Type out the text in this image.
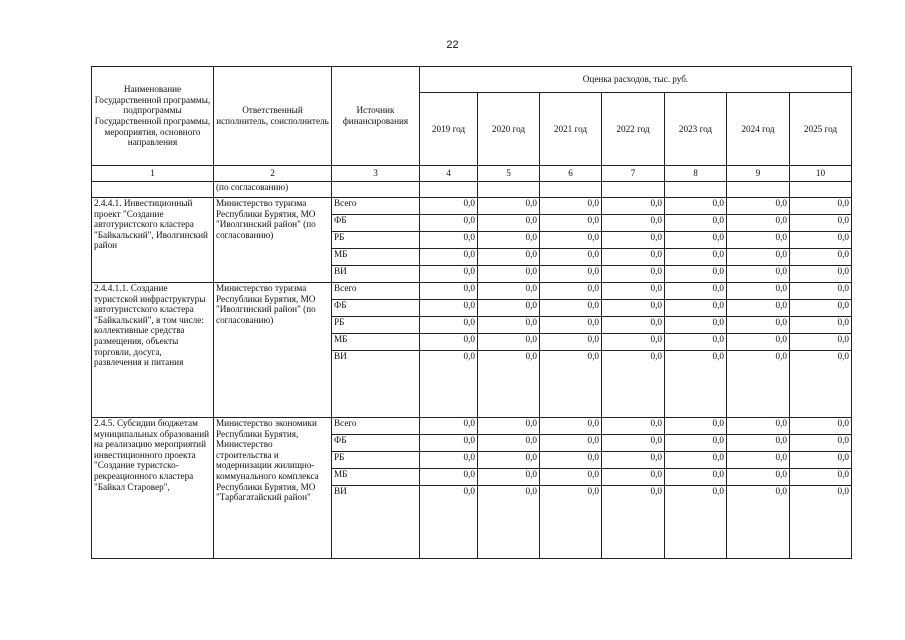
22
Наименование Государственной программы, подпрограммы Государственной программы, мероприятия, основного направления	Ответственный исполнитель, соисполнитель	Источник финансирования	Оценка расходов, тыс. руб.						
			2019 год	2020 год	2021 год	2022 год	2023 год	2024 год	2025 год
1	2	3	4	5	6	7	8	9	10
	(по согласованию)								
2.4.4.1. Инвестиционный проект "Создание автотуристского кластера "Байкальский", Иволгинский район	Министерство туризма Республики Бурятия, МО "Иволгинский район" (по согласованию)	Всего	0,0	0,0	0,0	0,0	0,0	0,0	0,0
		ФБ	0,0	0,0	0,0	0,0	0,0	0,0	0,0
		РБ	0,0	0,0	0,0	0,0	0,0	0,0	0,0
		МБ	0,0	0,0	0,0	0,0	0,0	0,0	0,0
		ВИ	0,0	0,0	0,0	0,0	0,0	0,0	0,0
2.4.4.1.1. Создание туристской инфраструктуры автотуристского кластера "Байкальский", в том числе: коллективные средства размещения, объекты торговли, досуга, развлечения и питания	Министерство туризма Республики Бурятия, МО "Иволгинский район" (по согласованию)	Всего	0,0	0,0	0,0	0,0	0,0	0,0	0,0
		ФБ	0,0	0,0	0,0	0,0	0,0	0,0	0,0
		РБ	0,0	0,0	0,0	0,0	0,0	0,0	0,0
		МБ	0,0	0,0	0,0	0,0	0,0	0,0	0,0
		ВИ	0,0	0,0	0,0	0,0	0,0	0,0	0,0
2.4.5. Субсидии бюджетам муниципальных образований на реализацию мероприятий инвестиционного проекта "Создание туристско-рекреационного кластера "Байкал Старовер",	Министерство экономики Республики Бурятия, Министерство строительства и модернизации жилищно-коммунального комплекса Республики Бурятия, МО "Тарбагатайский район"	Всего	0,0	0,0	0,0	0,0	0,0	0,0	0,0
		ФБ	0,0	0,0	0,0	0,0	0,0	0,0	0,0
		РБ	0,0	0,0	0,0	0,0	0,0	0,0	0,0
		МБ	0,0	0,0	0,0	0,0	0,0	0,0	0,0
		ВИ	0,0	0,0	0,0	0,0	0,0	0,0	0,0
